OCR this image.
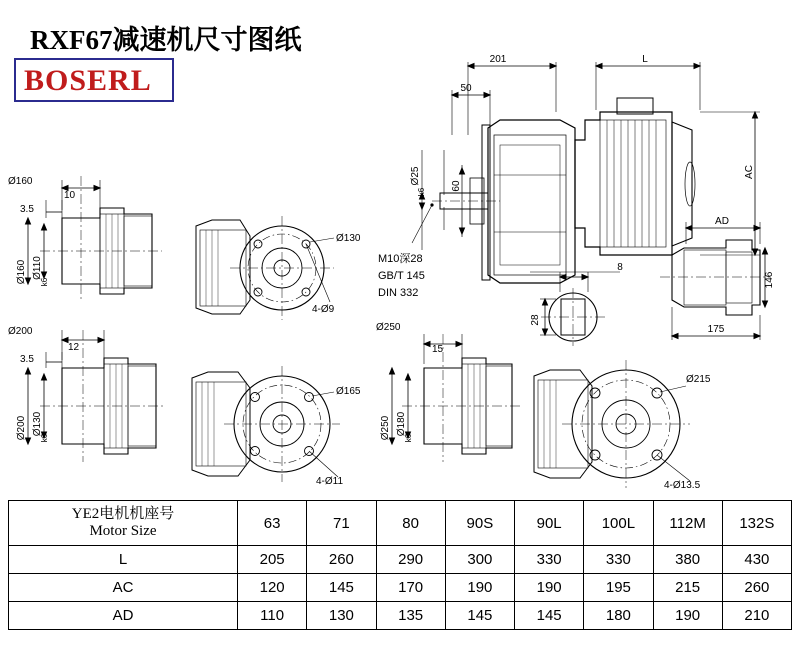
RXF67减速机尺寸图纸
BOSERL
201	L
50
AC
AD
Ø25
k6
60
146
175
8
28
M10深28
GB/T 145
DIN 332
Ø160
10
3.5
Ø160 Ø110
k6
Ø130
4-Ø9
Ø200
12
3.5
Ø200 Ø130
k6
Ø165
4-Ø11
Ø250
15
Ø250 Ø180
k6
Ø215
4-Ø13.5
YE2电机机座号
Motor Size	63	71	80	90S	90L	100L	112M	132S
L	205	260	290	300	330	330	380	430
AC	120	145	170	190	190	195	215	260
AD	110	130	135	145	145	180	190	210
